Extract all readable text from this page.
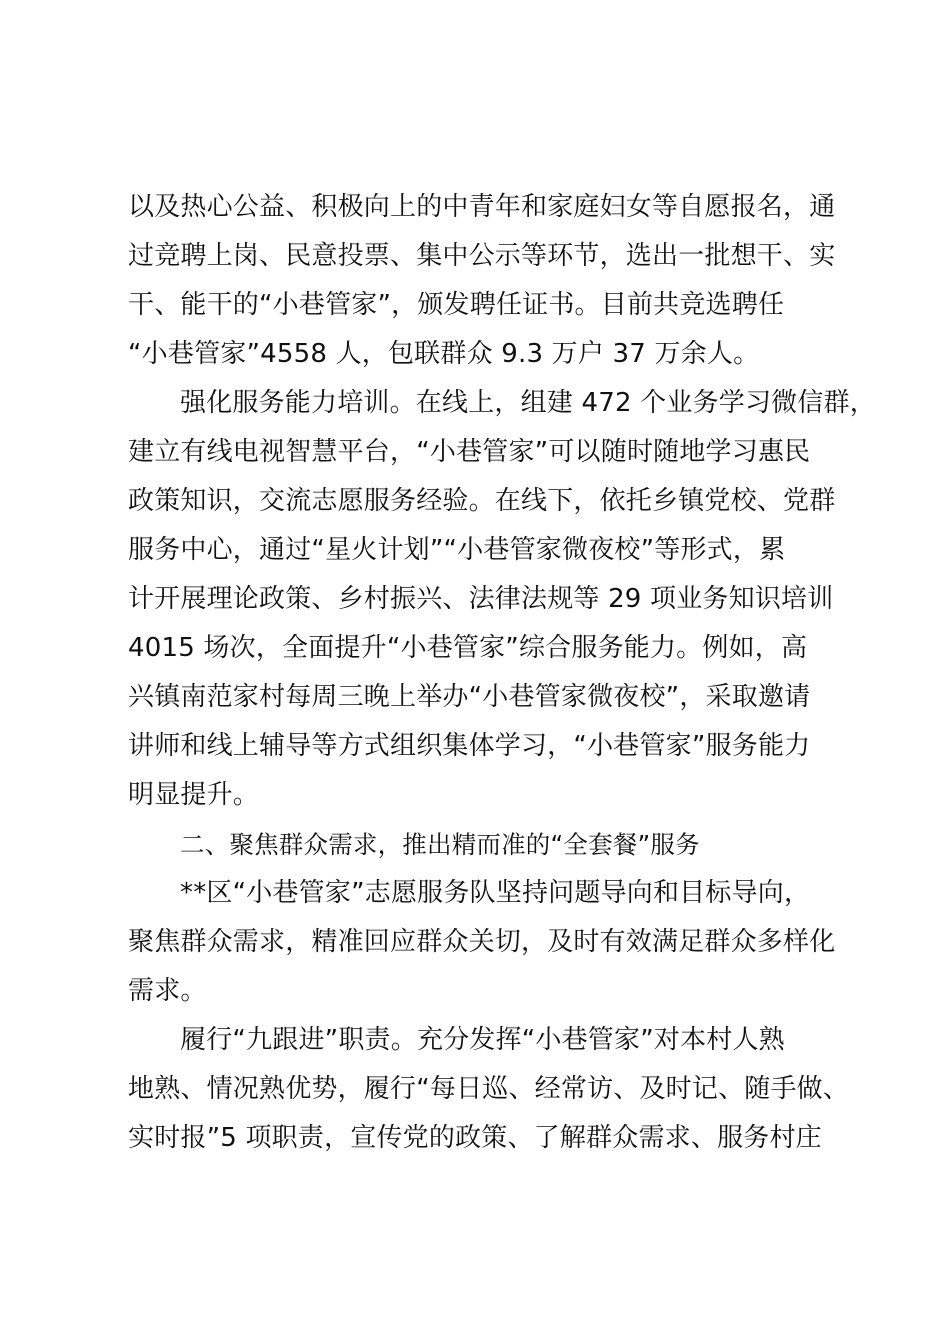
以及热心公益、积极向上的中青年和家庭妇女等自愿报名，通
过竞聘上岗、民意投票、集中公示等环节，选出一批想干、实
干、能干的“小巷管家”，颁发聘任证书。目前共竞选聘任
“小巷管家”4558 人，包联群众 9.3 万户 37 万余人。
强化服务能力培训。在线上，组建 472 个业务学习微信群，
建立有线电视智慧平台，“小巷管家”可以随时随地学习惠民
政策知识，交流志愿服务经验。在线下，依托乡镇党校、党群
服务中心，通过“星火计划”“小巷管家微夜校”等形式，累
计开展理论政策、乡村振兴、法律法规等 29 项业务知识培训
4015 场次，全面提升“小巷管家”综合服务能力。例如，高
兴镇南范家村每周三晚上举办“小巷管家微夜校”，采取邀请
讲师和线上辅导等方式组织集体学习，“小巷管家”服务能力
明显提升。
二、聚焦群众需求，推出精而准的“全套餐”服务
**区“小巷管家”志愿服务队坚持问题导向和目标导向，
聚焦群众需求，精准回应群众关切，及时有效满足群众多样化
需求。
履行“九跟进”职责。充分发挥“小巷管家”对本村人熟
地熟、情况熟优势，履行“每日巡、经常访、及时记、随手做、
实时报”5 项职责，宣传党的政策、了解群众需求、服务村庄
